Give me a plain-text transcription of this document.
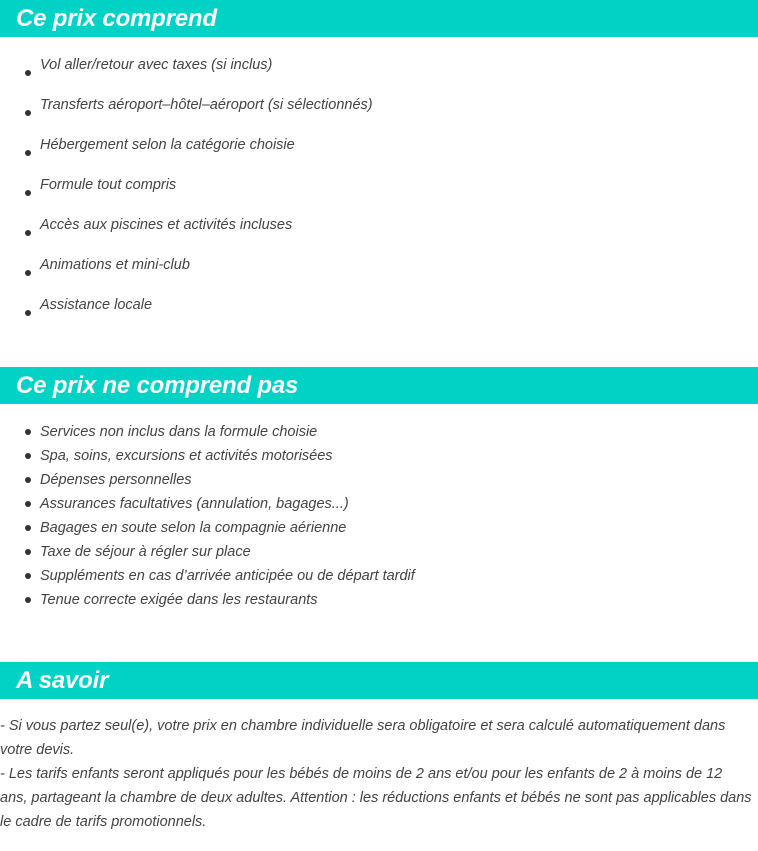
Ce prix comprend
Vol aller/retour avec taxes (si inclus)
Transferts aéroport–hôtel–aéroport (si sélectionnés)
Hébergement selon la catégorie choisie
Formule tout compris
Accès aux piscines et activités incluses
Animations et mini-club
Assistance locale
Ce prix ne comprend pas
Services non inclus dans la formule choisie
Spa, soins, excursions et activités motorisées
Dépenses personnelles
Assurances facultatives (annulation, bagages...)
Bagages en soute selon la compagnie aérienne
Taxe de séjour à régler sur place
Suppléments en cas d’arrivée anticipée ou de départ tardif
Tenue correcte exigée dans les restaurants
A savoir

- Si vous partez seul(e), votre prix en chambre individuelle sera obligatoire et sera calculé automatiquement dans votre devis.

- Les tarifs enfants seront appliqués pour les bébés de moins de 2 ans et/ou pour les enfants de 2 à moins de 12 ans, partageant la chambre de deux adultes. Attention : les réductions enfants et bébés ne sont pas applicables dans le cadre de tarifs promotionnels.
